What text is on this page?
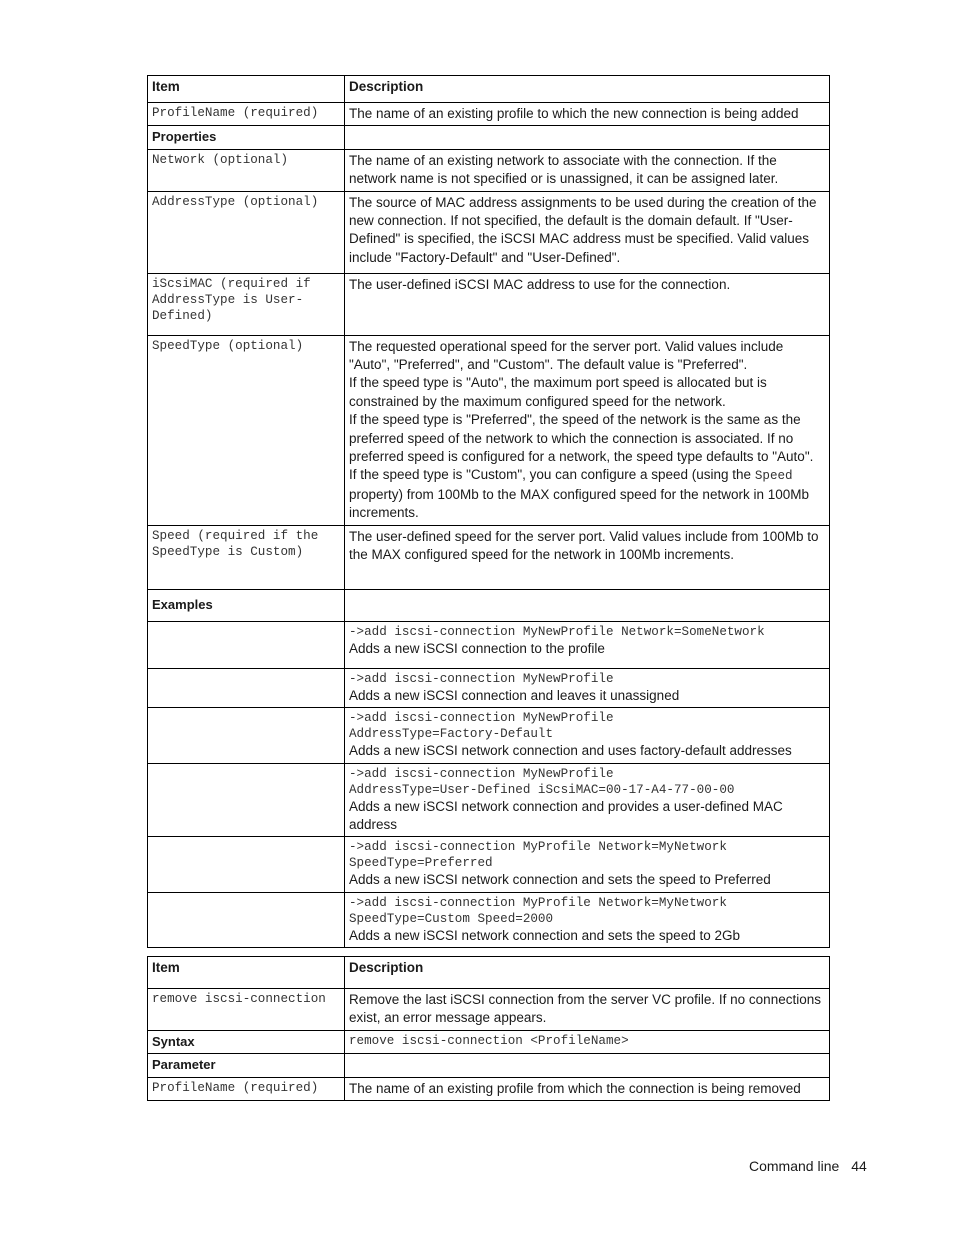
Item	Description
ProfileName (required)	The name of an existing profile to which the new connection is being added
Properties	
Network (optional)	The name of an existing network to associate with the connection. If the network name is not specified or is unassigned, it can be assigned later.
AddressType (optional)	The source of MAC address assignments to be used during the creation of the new connection. If not specified, the default is the domain default. If "User-Defined" is specified, the iSCSI MAC address must be specified. Valid values include "Factory-Default" and "User-Defined".
iScsiMAC (required if AddressType is User-Defined)	The user-defined iSCSI MAC address to use for the connection.
SpeedType (optional)	The requested operational speed for the server port. Valid values include "Auto", "Preferred", and "Custom". The default value is "Preferred".
If the speed type is "Auto", the maximum port speed is allocated but is constrained by the maximum configured speed for the network.
If the speed type is "Preferred", the speed of the network is the same as the preferred speed of the network to which the connection is associated. If no preferred speed is configured for a network, the speed type defaults to "Auto".
If the speed type is "Custom", you can configure a speed (using the Speed property) from 100Mb to the MAX configured speed for the network in 100Mb increments.

Speed (required if the SpeedType is Custom)	The user-defined speed for the server port. Valid values include from 100Mb to the MAX configured speed for the network in 100Mb increments.
Examples	

	->add iscsi-connection MyNewProfile Network=SomeNetwork
Adds a new iSCSI connection to the profile

	->add iscsi-connection MyNewProfile
Adds a new iSCSI connection and leaves it unassigned

	->add iscsi-connection MyNewProfile
AddressType=Factory-Default
Adds a new iSCSI network connection and uses factory-default addresses

	->add iscsi-connection MyNewProfile
AddressType=User-Defined iScsiMAC=00-17-A4-77-00-00
Adds a new iSCSI network connection and provides a user-defined MAC address

	->add iscsi-connection MyProfile Network=MyNetwork
SpeedType=Preferred
Adds a new iSCSI network connection and sets the speed to Preferred

	->add iscsi-connection MyProfile Network=MyNetwork
SpeedType=Custom Speed=2000
Adds a new iSCSI network connection and sets the speed to 2Gb
Item	Description
remove iscsi-connection	Remove the last iSCSI connection from the server VC profile. If no connections exist, an error message appears.
Syntax	remove iscsi-connection <ProfileName>
Parameter	
ProfileName (required)	The name of an existing profile from which the connection is being removed
Command line 44
